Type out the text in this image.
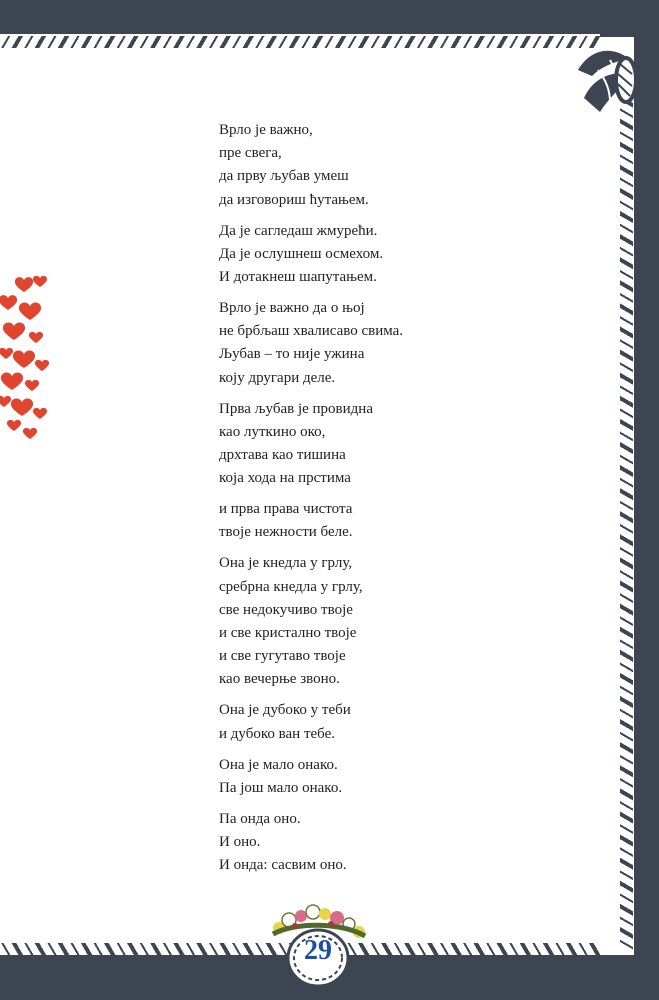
Врло је важно,
пре свега,
да прву љубав умеш
да изговориш ћутањем.
Да је сагледаш жмурећи.
Да је ослушнеш осмехом.
И дотакнеш шапутањем.
Врло је важно да о њој
не брбљаш хвалисаво свима.
Љубав – то није ужина
коју другари деле.
Прва љубав је провидна
као луткино око,
дрхтава као тишина
која хода на прстима
и прва права чистота
твоје нежности беле.
Она је кнедла у грлу,
сребрна кнедла у грлу,
све недокучиво твоје
и све кристално твоје
и све гугутаво твоје
као вечерње звоно.
Она је дубоко у теби
и дубоко ван тебе.
Она је мало онако.
Па још мало онако.
Па онда оно.
И оно.
И онда: сасвим оно.
29
